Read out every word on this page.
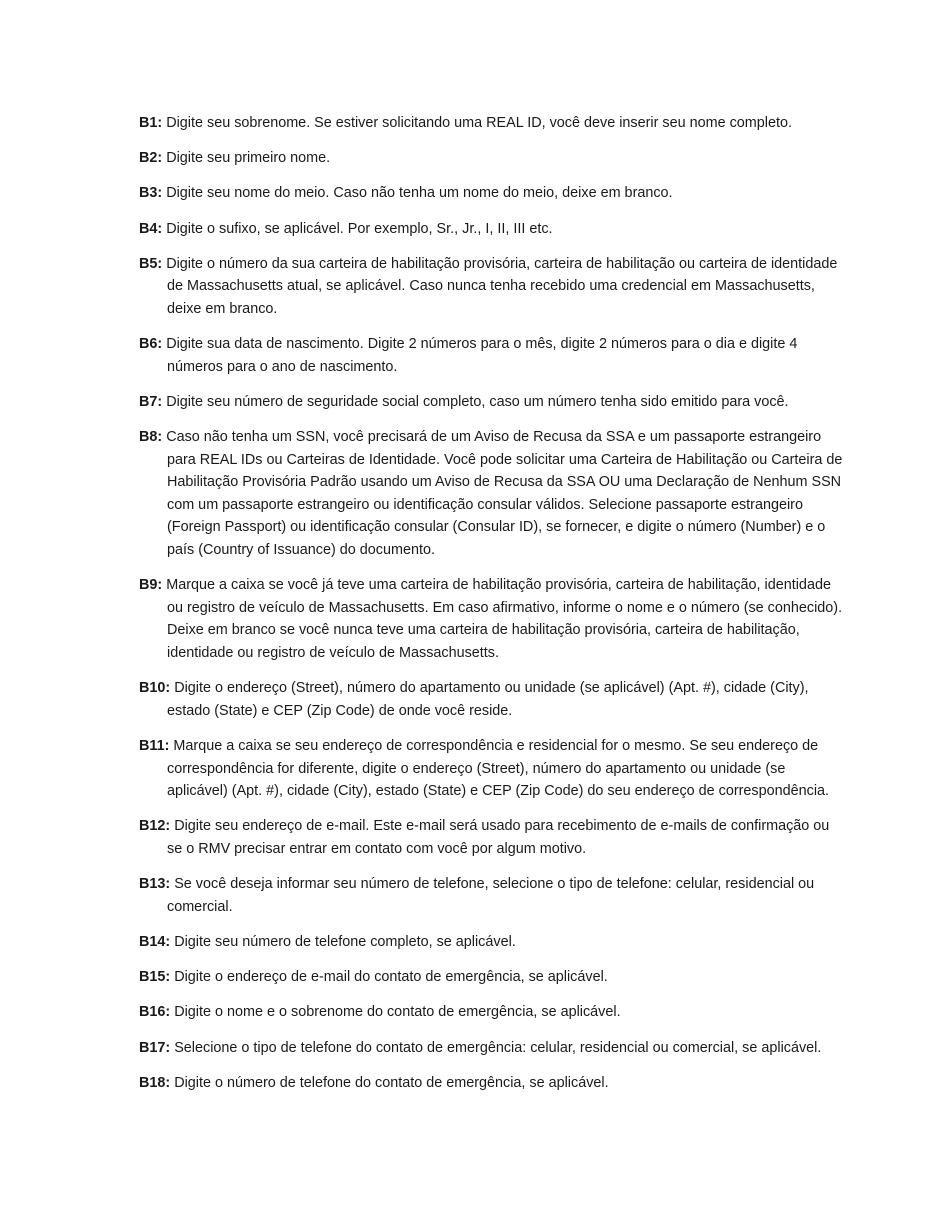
B1: Digite seu sobrenome. Se estiver solicitando uma REAL ID, você deve inserir seu nome completo.

B2: Digite seu primeiro nome.

B3: Digite seu nome do meio. Caso não tenha um nome do meio, deixe em branco.

B4: Digite o sufixo, se aplicável. Por exemplo, Sr., Jr., I, II, III etc.

B5: Digite o número da sua carteira de habilitação provisória, carteira de habilitação ou carteira de identidade de Massachusetts atual, se aplicável. Caso nunca tenha recebido uma credencial em Massachusetts, deixe em branco.

B6: Digite sua data de nascimento. Digite 2 números para o mês, digite 2 números para o dia e digite 4 números para o ano de nascimento.

B7: Digite seu número de seguridade social completo, caso um número tenha sido emitido para você.

B8: Caso não tenha um SSN, você precisará de um Aviso de Recusa da SSA e um passaporte estrangeiro para REAL IDs ou Carteiras de Identidade. Você pode solicitar uma Carteira de Habilitação ou Carteira de Habilitação Provisória Padrão usando um Aviso de Recusa da SSA OU uma Declaração de Nenhum SSN com um passaporte estrangeiro ou identificação consular válidos. Selecione passaporte estrangeiro (Foreign Passport) ou identificação consular (Consular ID), se fornecer, e digite o número (Number) e o país (Country of Issuance) do documento.

B9: Marque a caixa se você já teve uma carteira de habilitação provisória, carteira de habilitação, identidade ou registro de veículo de Massachusetts. Em caso afirmativo, informe o nome e o número (se conhecido). Deixe em branco se você nunca teve uma carteira de habilitação provisória, carteira de habilitação, identidade ou registro de veículo de Massachusetts.

B10: Digite o endereço (Street), número do apartamento ou unidade (se aplicável) (Apt. #), cidade (City), estado (State) e CEP (Zip Code) de onde você reside.

B11: Marque a caixa se seu endereço de correspondência e residencial for o mesmo. Se seu endereço de correspondência for diferente, digite o endereço (Street), número do apartamento ou unidade (se aplicável) (Apt. #), cidade (City), estado (State) e CEP (Zip Code) do seu endereço de correspondência.

B12: Digite seu endereço de e-mail. Este e-mail será usado para recebimento de e-mails de confirmação ou se o RMV precisar entrar em contato com você por algum motivo.

B13: Se você deseja informar seu número de telefone, selecione o tipo de telefone: celular, residencial ou comercial.

B14: Digite seu número de telefone completo, se aplicável.

B15: Digite o endereço de e-mail do contato de emergência, se aplicável.

B16: Digite o nome e o sobrenome do contato de emergência, se aplicável.

B17: Selecione o tipo de telefone do contato de emergência: celular, residencial ou comercial, se aplicável.

B18: Digite o número de telefone do contato de emergência, se aplicável.
